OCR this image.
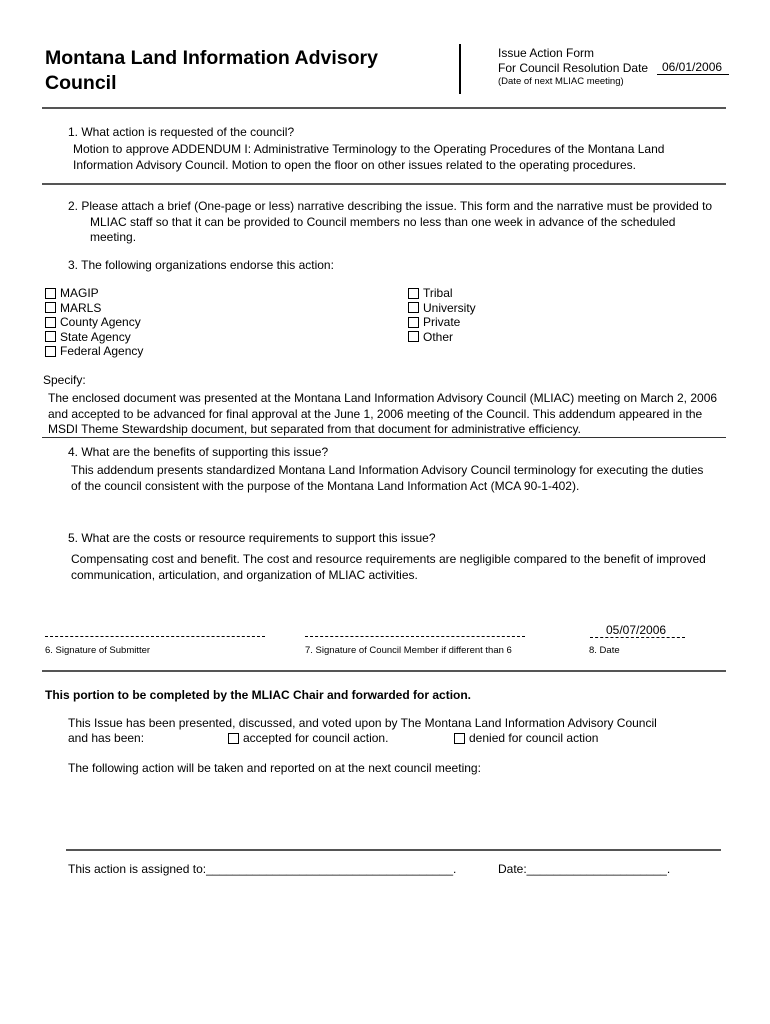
Montana Land Information Advisory Council
Issue Action Form
For Council Resolution Date 06/01/2006
(Date of next MLIAC meeting)
1. What action is requested of the council?
Motion to approve ADDENDUM I: Administrative Terminology to the Operating Procedures of the Montana Land Information Advisory Council. Motion to open the floor on other issues related to the operating procedures.
2. Please attach a brief (One-page or less) narrative describing the issue. This form and the narrative must be provided to MLIAC staff so that it can be provided to Council members no less than one week in advance of the scheduled meeting.
3. The following organizations endorse this action:
MAGIP
MARLS
County Agency
State Agency
Federal Agency
Tribal
University
Private
Other
Specify:
The enclosed document was presented at the Montana Land Information Advisory Council (MLIAC) meeting on March 2, 2006 and accepted to be advanced for final approval at the June 1, 2006 meeting of the Council. This addendum appeared in the MSDI Theme Stewardship document, but separated from that document for administrative efficiency.
4. What are the benefits of supporting this issue?
This addendum presents standardized Montana Land Information Advisory Council terminology for executing the duties of the council consistent with the purpose of the Montana Land Information Act (MCA 90-1-402).
5. What are the costs or resource requirements to support this issue?
Compensating cost and benefit. The cost and resource requirements are negligible compared to the benefit of improved communication, articulation, and organization of MLIAC activities.
6. Signature of Submitter	7. Signature of Council Member if different than 6
05/07/2006
8. Date
This portion to be completed by the MLIAC Chair and forwarded for action.
This Issue has been presented, discussed, and voted upon by The Montana Land Information Advisory Council
and has been:	accepted for council action.	denied for council action
The following action will be taken and reported on at the next council meeting:
This action is assigned to:_____________________________________.	Date:_____________________.
